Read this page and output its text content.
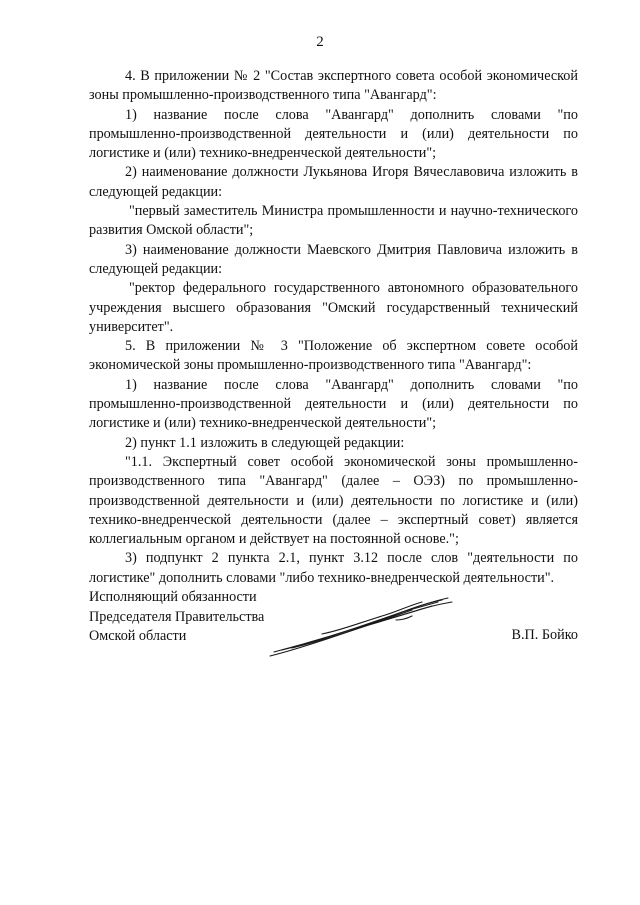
2

4. В приложении № 2 "Состав экспертного совета особой экономической зоны промышленно-производственного типа "Авангард":

1) название после слова "Авангард" дополнить словами "по промышленно-производственной деятельности и (или) деятельности по логистике и (или) технико-внедренческой деятельности";

2) наименование должности Лукьянова Игоря Вячеславовича изложить в следующей редакции:

"первый заместитель Министра промышленности и научно-технического развития Омской области";

3) наименование должности Маевского Дмитрия Павловича изложить в следующей редакции:

"ректор федерального государственного автономного образовательного учреждения высшего образования "Омский государственный технический университет".

5. В приложении № 3 "Положение об экспертном совете особой экономической зоны промышленно-производственного типа "Авангард":

1) название после слова "Авангард" дополнить словами "по промышленно-производственной деятельности и (или) деятельности по логистике и (или) технико-внедренческой деятельности";

2) пункт 1.1 изложить в следующей редакции:

"1.1. Экспертный совет особой экономической зоны промышленно-производственного типа "Авангард" (далее – ОЭЗ) по промышленно-производственной деятельности и (или) деятельности по логистике и (или) технико-внедренческой деятельности (далее – экспертный совет) является коллегиальным органом и действует на постоянной основе.";

3) подпункт 2 пункта 2.1, пункт 3.12 после слов "деятельности по логистике" дополнить словами "либо технико-внедренческой деятельности".

Исполняющий обязанности
Председателя Правительства
Омской области	В.П. Бойко
